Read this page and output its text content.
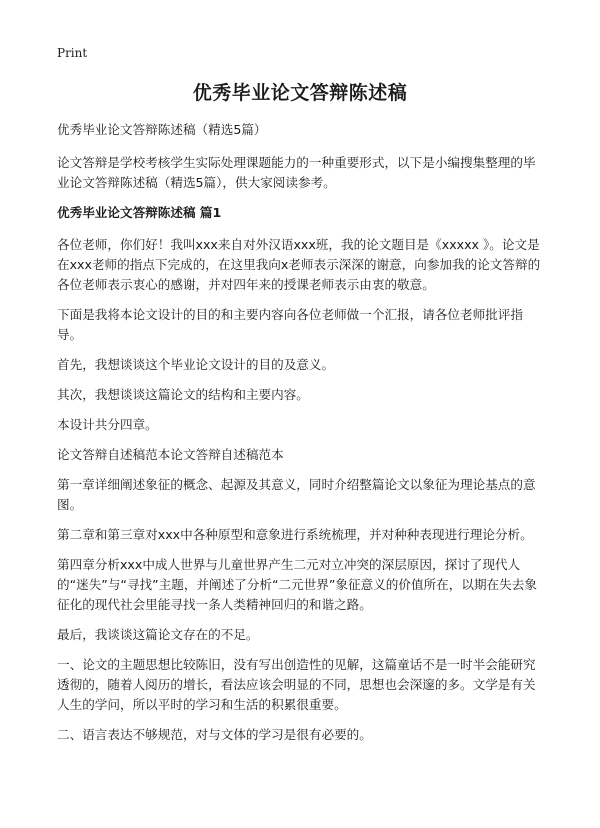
Print
优秀毕业论文答辩陈述稿

优秀毕业论文答辩陈述稿（精选5篇）

论文答辩是学校考核学生实际处理课题能力的一种重要形式，以下是小编搜集整理的毕业论文答辩陈述稿（精选5篇），供大家阅读参考。

优秀毕业论文答辩陈述稿 篇1

各位老师，你们好！我叫xxx来自对外汉语xxx班，我的论文题目是《xxxxx 》。论文是在xxx老师的指点下完成的，在这里我向x老师表示深深的谢意，向参加我的论文答辩的各位老师表示衷心的感谢，并对四年来的授课老师表示由衷的敬意。

下面是我将本论文设计的目的和主要内容向各位老师做一个汇报，请各位老师批评指导。

首先，我想谈谈这个毕业论文设计的目的及意义。

其次，我想谈谈这篇论文的结构和主要内容。

本设计共分四章。

论文答辩自述稿范本论文答辩自述稿范本

第一章详细阐述象征的概念、起源及其意义，同时介绍整篇论文以象征为理论基点的意图。

第二章和第三章对xxx中各种原型和意象进行系统梳理，并对种种表现进行理论分析。

第四章分析xxx中成人世界与儿童世界产生二元对立冲突的深层原因，探讨了现代人的“迷失”与“寻找”主题，并阐述了分析“二元世界”象征意义的价值所在，以期在失去象征化的现代社会里能寻找一条人类精神回归的和谐之路。

最后，我谈谈这篇论文存在的不足。

一、论文的主题思想比较陈旧，没有写出创造性的见解，这篇童话不是一时半会能研究透彻的，随着人阅历的增长，看法应该会明显的不同，思想也会深邃的多。文学是有关人生的学问，所以平时的学习和生活的积累很重要。

二、语言表达不够规范，对与文体的学习是很有必要的。
